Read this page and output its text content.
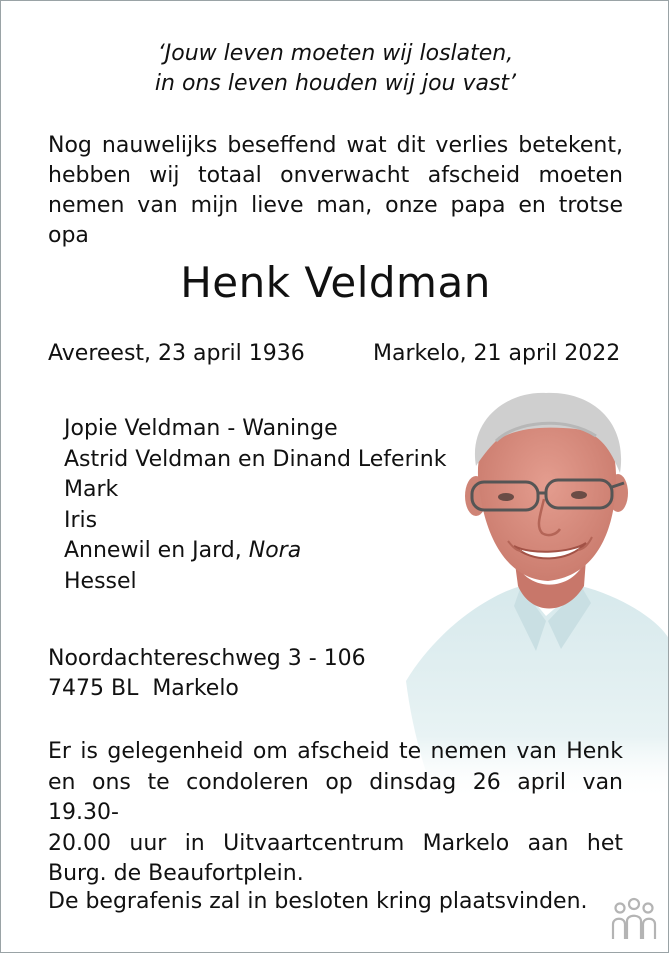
‘Jouw leven moeten wij loslaten,
in ons leven houden wij jou vast’
Nog nauwelijks beseffend wat dit verlies betekent,
hebben wij totaal onverwacht afscheid moeten
nemen van mijn lieve man, onze papa en trotse opa
Henk Veldman
Avereest, 23 april 1936	Markelo, 21 april 2022
Jopie Veldman - Waninge
Astrid Veldman en Dinand Leferink
Mark
Iris
Annewil en Jard, Nora
Hessel
Noordachtereschweg 3 - 106
7475 BL  Markelo
Er is gelegenheid om afscheid te nemen van Henk
en ons te condoleren op dinsdag 26 april van 19.30-
20.00 uur in Uitvaartcentrum Markelo aan het
Burg. de Beaufortplein.
De begrafenis zal in besloten kring plaatsvinden.
